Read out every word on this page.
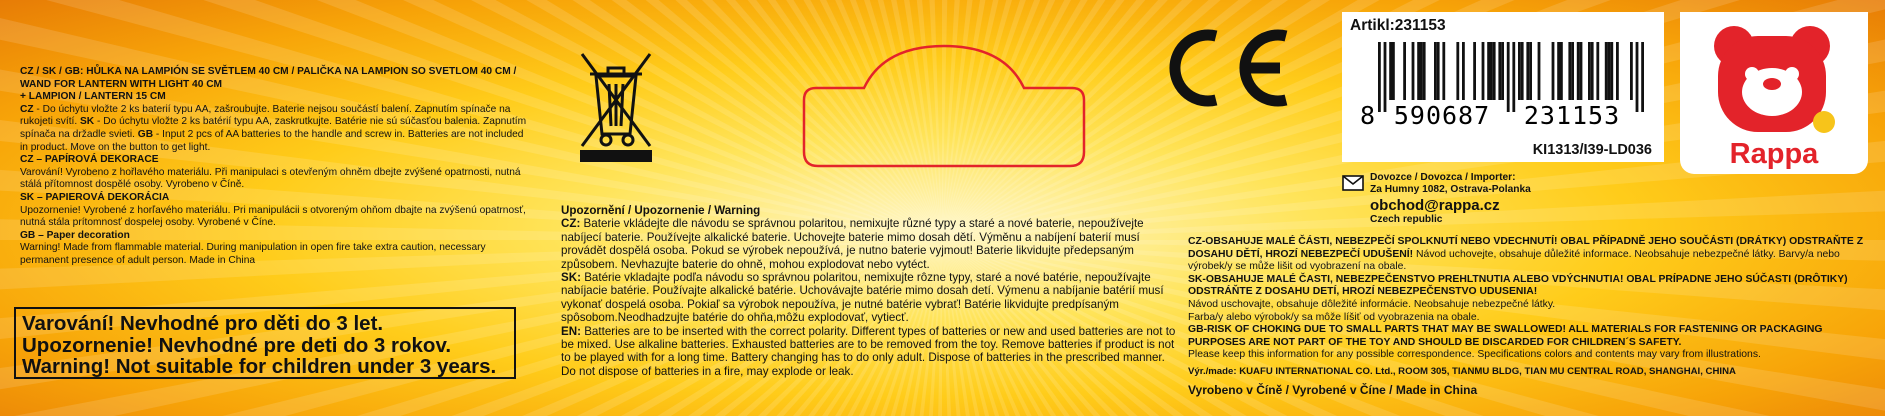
CZ / SK / GB: HŮLKA NA LAMPIÓN SE SVĚTLEM 40 CM / PALIČKA NA LAMPION SO SVETLOM 40 CM / WAND FOR LANTERN WITH LIGHT 40 CM
+ LAMPION / LANTERN 15 CM
CZ - Do úchytu vložte 2 ks baterií typu AA, zašroubujte. Baterie nejsou součástí balení. Zapnutím spínače na rukojeti svítí. SK - Do úchytu vložte 2 ks batérií typu AA, zaskrutkujte. Batérie nie sú súčasťou balenia. Zapnutím spínača na držadle svieti. GB - Input 2 pcs of AA batteries to the handle and screw in. Batteries are not included in product. Move on the button to get light.
CZ – PAPÍROVÁ DEKORACE
Varování! Vyrobeno z hořlavého materiálu. Při manipulaci s otevřeným ohněm dbejte zvýšené opatrnosti, nutná stálá přítomnost dospělé osoby. Vyrobeno v Číně.
SK – PAPIEROVÁ DEKORÁCIA
Upozornenie! Vyrobené z horľavého materiálu. Pri manipulácii s otvoreným ohňom dbajte na zvýšenú opatrnosť, nutná stála prítomnosť dospelej osoby. Vyrobené v Číne.
GB – Paper decoration
Warning! Made from flammable material. During manipulation in open fire take extra caution, necessary permanent presence of adult person. Made in China
Varování! Nevhodné pro děti do 3 let.
Upozornenie! Nevhodné pre deti do 3 rokov.
Warning! Not suitable for children under 3 years.
CE
Upozornění / Upozornenie / Warning
CZ: Baterie vkládejte dle návodu se správnou polaritou, nemixujte různé typy a staré a nové baterie, nepoužívejte nabíjecí baterie. Používejte alkalické baterie. Uchovejte baterie mimo dosah dětí. Výměnu a nabíjení baterií musí provádět dospělá osoba. Pokud se výrobek nepoužívá, je nutno baterie vyjmout! Baterie likvidujte předepsaným způsobem. Nevhazujte baterie do ohně, mohou explodovat nebo vytéct.
SK: Batérie vkladajte podľa návodu so správnou polaritou, nemixujte rôzne typy, staré a nové batérie, nepoužívajte nabíjacie batérie. Používajte alkalické batérie. Uchovávajte batérie mimo dosah detí. Výmenu a nabíjanie batérií musí vykonať dospelá osoba. Pokiaľ sa výrobok nepoužíva, je nutné batérie vybrať! Batérie likvidujte predpísaným spôsobom.Neodhadzujte batérie do ohňa,môžu explodovať, vytiecť.
EN: Batteries are to be inserted with the correct polarity. Different types of batteries or new and used batteries are not to be mixed. Use alkaline batteries. Exhausted batteries are to be removed from the toy. Remove batteries if product is not to be played with for a long time. Battery changing has to do only adult. Dispose of batteries in the prescribed manner. Do not dispose of batteries in a fire, may explode or leak.
Artikl:231153
8 590687 231153
KI1313/I39-LD036
Dovozce / Dovozca / Importer:
Za Humny 1082, Ostrava-Polanka
obchod@rappa.cz
Czech republic
Rappa
CZ-OBSAHUJE MALÉ ČÁSTI, NEBEZPEČÍ SPOLKNUTÍ NEBO VDECHNUTÍ! OBAL PŘÍPADNĚ JEHO SOUČÁSTI (DRÁTKY) ODSTRAŇTE Z DOSAHU DĚTÍ, HROZÍ NEBEZPEČÍ UDUŠENÍ! Návod uchovejte, obsahuje důležité informace. Neobsahuje nebezpečné látky. Barvy/a nebo výrobek/y se může lišit od vyobrazení na obale.
SK-OBSAHUJE MALÉ ČASTI, NEBEZPEČENSTVO PREHLTNUTIA ALEBO VDÝCHNUTIA! OBAL PRÍPADNE JEHO SÚČASTI (DRÔTIKY) ODSTRÁŇTE Z DOSAHU DETÍ, HROZÍ NEBEZPEČENSTVO UDUSENIA!
Návod uschovajte, obsahuje dôležité informácie. Neobsahuje nebezpečné látky.
Farba/y alebo výrobok/y sa môže líšiť od vyobrazenia na obale.
GB-RISK OF CHOKING DUE TO SMALL PARTS THAT MAY BE SWALLOWED! ALL MATERIALS FOR FASTENING OR PACKAGING PURPOSES ARE NOT PART OF THE TOY AND SHOULD BE DISCARDED FOR CHILDREN´S SAFETY.
Please keep this information for any possible correspondence. Specifications colors and contents may vary from illustrations.
Výr./made: KUAFU INTERNATIONAL CO. Ltd., ROOM 305, TIANMU BLDG, TIAN MU CENTRAL ROAD, SHANGHAI, CHINA
Vyrobeno v Číně / Vyrobené v Číne / Made in China
